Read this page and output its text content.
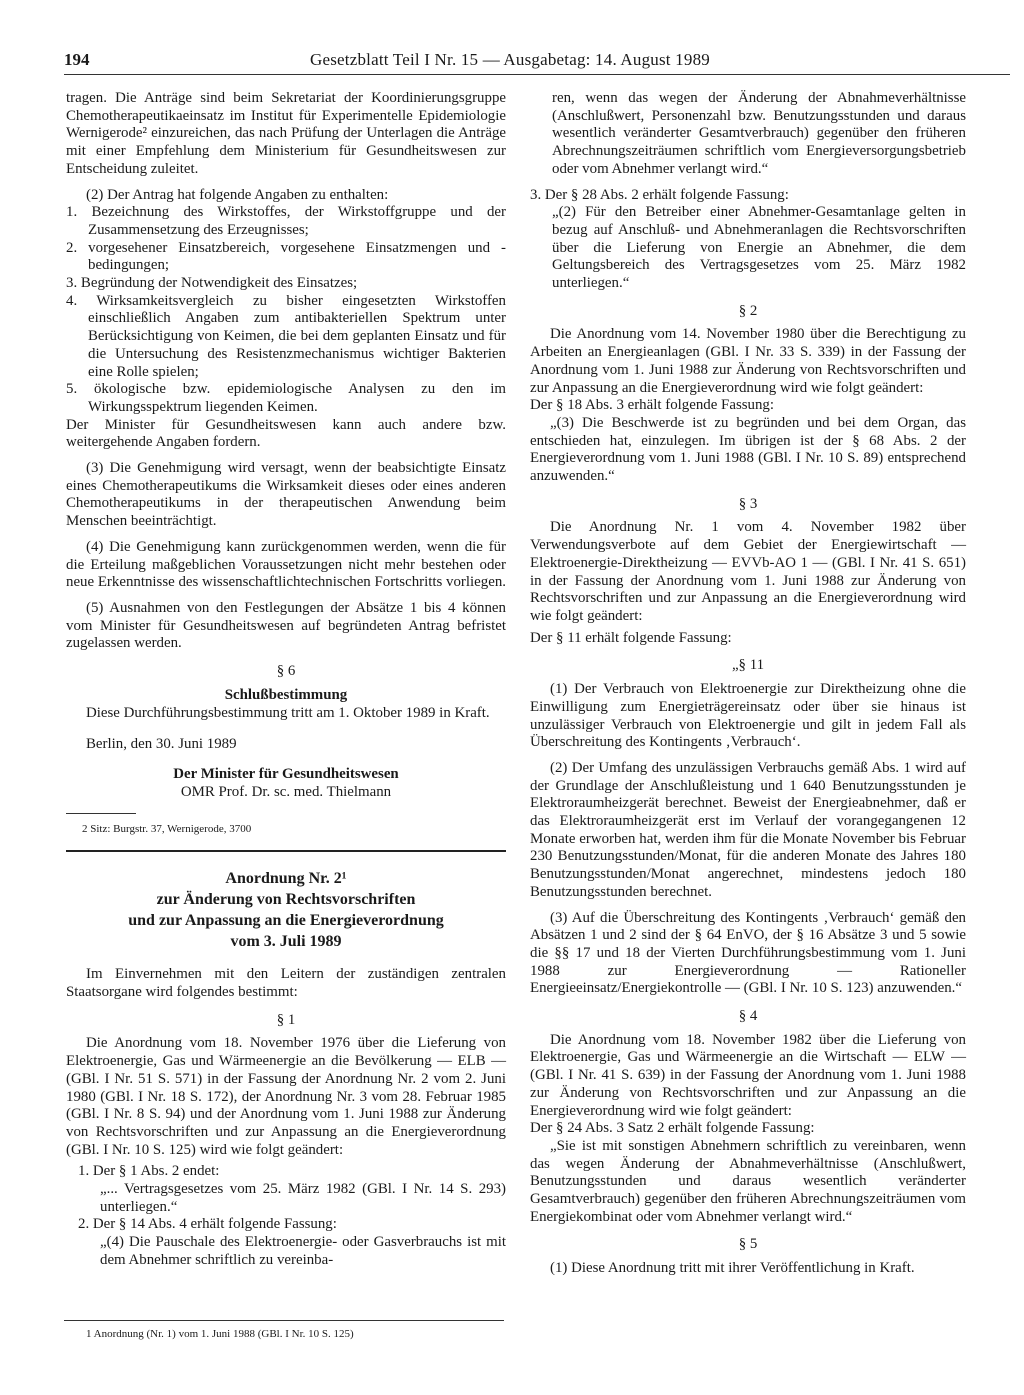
194	Gesetzblatt Teil I Nr. 15 — Ausgabetag: 14. August 1989

tragen. Die Anträge sind beim Sekretariat der Koordinierungsgruppe Chemotherapeutikaeinsatz im Institut für Experimentelle Epidemiologie Wernigerode² einzureichen, das nach Prüfung der Unterlagen die Anträge mit einer Empfehlung dem Ministerium für Gesundheitswesen zur Entscheidung zuleitet.

(2) Der Antrag hat folgende Angaben zu enthalten:

1. Bezeichnung des Wirkstoffes, der Wirkstoffgruppe und der Zusammensetzung des Erzeugnisses;

2. vorgesehener Einsatzbereich, vorgesehene Einsatzmengen und -bedingungen;

3. Begründung der Notwendigkeit des Einsatzes;

4. Wirksamkeitsvergleich zu bisher eingesetzten Wirkstoffen einschließlich Angaben zum antibakteriellen Spektrum unter Berücksichtigung von Keimen, die bei dem geplanten Einsatz und für die Untersuchung des Resistenzmechanismus wichtiger Bakterien eine Rolle spielen;

5. ökologische bzw. epidemiologische Analysen zu den im Wirkungsspektrum liegenden Keimen.

Der Minister für Gesundheitswesen kann auch andere bzw. weitergehende Angaben fordern.

(3) Die Genehmigung wird versagt, wenn der beabsichtigte Einsatz eines Chemotherapeutikums die Wirksamkeit dieses oder eines anderen Chemotherapeutikums in der therapeutischen Anwendung beim Menschen beeinträchtigt.

(4) Die Genehmigung kann zurückgenommen werden, wenn die für die Erteilung maßgeblichen Voraussetzungen nicht mehr bestehen oder neue Erkenntnisse des wissenschaftlichtechnischen Fortschritts vorliegen.

(5) Ausnahmen von den Festlegungen der Absätze 1 bis 4 können vom Minister für Gesundheitswesen auf begründeten Antrag befristet zugelassen werden.

§ 6

Schlußbestimmung

Diese Durchführungsbestimmung tritt am 1. Oktober 1989 in Kraft.

Berlin, den 30. Juni 1989

Der Minister für Gesundheitswesen

OMR Prof. Dr. sc. med. Thielmann

2 Sitz: Burgstr. 37, Wernigerode, 3700

Anordnung Nr. 2¹

zur Änderung von Rechtsvorschriften

und zur Anpassung an die Energieverordnung

vom 3. Juli 1989

Im Einvernehmen mit den Leitern der zuständigen zentralen Staatsorgane wird folgendes bestimmt:

§ 1

Die Anordnung vom 18. November 1976 über die Lieferung von Elektroenergie, Gas und Wärmeenergie an die Bevölkerung — ELB — (GBl. I Nr. 51 S. 571) in der Fassung der Anordnung Nr. 2 vom 2. Juni 1980 (GBl. I Nr. 18 S. 172), der Anordnung Nr. 3 vom 28. Februar 1985 (GBl. I Nr. 8 S. 94) und der Anordnung vom 1. Juni 1988 zur Änderung von Rechtsvorschriften und zur Anpassung an die Energieverordnung (GBl. I Nr. 10 S. 125) wird wie folgt geändert:

1. Der § 1 Abs. 2 endet:

„... Vertragsgesetzes vom 25. März 1982 (GBl. I Nr. 14 S. 293) unterliegen.“

2. Der § 14 Abs. 4 erhält folgende Fassung:

„(4) Die Pauschale des Elektroenergie- oder Gasverbrauchs ist mit dem Abnehmer schriftlich zu vereinba-

1 Anordnung (Nr. 1) vom 1. Juni 1988 (GBl. I Nr. 10 S. 125)

ren, wenn das wegen der Änderung der Abnahmeverhältnisse (Anschlußwert, Personenzahl bzw. Benutzungsstunden und daraus wesentlich veränderter Gesamtverbrauch) gegenüber den früheren Abrechnungszeiträumen schriftlich vom Energieversorgungsbetrieb oder vom Abnehmer verlangt wird.“

3. Der § 28 Abs. 2 erhält folgende Fassung:

„(2) Für den Betreiber einer Abnehmer-Gesamtanlage gelten in bezug auf Anschluß- und Abnehmeranlagen die Rechtsvorschriften über die Lieferung von Energie an Abnehmer, die dem Geltungsbereich des Vertragsgesetzes vom 25. März 1982 unterliegen.“

§ 2

Die Anordnung vom 14. November 1980 über die Berechtigung zu Arbeiten an Energieanlagen (GBl. I Nr. 33 S. 339) in der Fassung der Anordnung vom 1. Juni 1988 zur Änderung von Rechtsvorschriften und zur Anpassung an die Energieverordnung wird wie folgt geändert:

Der § 18 Abs. 3 erhält folgende Fassung:

„(3) Die Beschwerde ist zu begründen und bei dem Organ, das entschieden hat, einzulegen. Im übrigen ist der § 68 Abs. 2 der Energieverordnung vom 1. Juni 1988 (GBl. I Nr. 10 S. 89) entsprechend anzuwenden.“

§ 3

Die Anordnung Nr. 1 vom 4. November 1982 über Verwendungsverbote auf dem Gebiet der Energiewirtschaft — Elektroenergie-Direktheizung — EVVb-AO 1 — (GBl. I Nr. 41 S. 651) in der Fassung der Anordnung vom 1. Juni 1988 zur Änderung von Rechtsvorschriften und zur Anpassung an die Energieverordnung wird wie folgt geändert:

Der § 11 erhält folgende Fassung:

„§ 11

(1) Der Verbrauch von Elektroenergie zur Direktheizung ohne die Einwilligung zum Energieträgereinsatz oder über sie hinaus ist unzulässiger Verbrauch von Elektroenergie und gilt in jedem Fall als Überschreitung des Kontingents ‚Verbrauch‘.

(2) Der Umfang des unzulässigen Verbrauchs gemäß Abs. 1 wird auf der Grundlage der Anschlußleistung und 1 640 Benutzungsstunden je Elektroraumheizgerät berechnet. Beweist der Energieabnehmer, daß er das Elektroraumheizgerät erst im Verlauf der vorangegangenen 12 Monate erworben hat, werden ihm für die Monate November bis Februar 230 Benutzungsstunden/Monat, für die anderen Monate des Jahres 180 Benutzungsstunden/Monat angerechnet, mindestens jedoch 180 Benutzungsstunden berechnet.

(3) Auf die Überschreitung des Kontingents ‚Verbrauch‘ gemäß den Absätzen 1 und 2 sind der § 64 EnVO, der § 16 Absätze 3 und 5 sowie die §§ 17 und 18 der Vierten Durchführungsbestimmung vom 1. Juni 1988 zur Energieverordnung — Rationeller Energieeinsatz/Energiekontrolle — (GBl. I Nr. 10 S. 123) anzuwenden.“

§ 4

Die Anordnung vom 18. November 1982 über die Lieferung von Elektroenergie, Gas und Wärmeenergie an die Wirtschaft — ELW — (GBl. I Nr. 41 S. 639) in der Fassung der Anordnung vom 1. Juni 1988 zur Änderung von Rechtsvorschriften und zur Anpassung an die Energieverordnung wird wie folgt geändert:

Der § 24 Abs. 3 Satz 2 erhält folgende Fassung:

„Sie ist mit sonstigen Abnehmern schriftlich zu vereinbaren, wenn das wegen Änderung der Abnahmeverhältnisse (Anschlußwert, Benutzungsstunden und daraus wesentlich veränderter Gesamtverbrauch) gegenüber den früheren Abrechnungszeiträumen vom Energiekombinat oder vom Abnehmer verlangt wird.“

§ 5

(1) Diese Anordnung tritt mit ihrer Veröffentlichung in Kraft.
